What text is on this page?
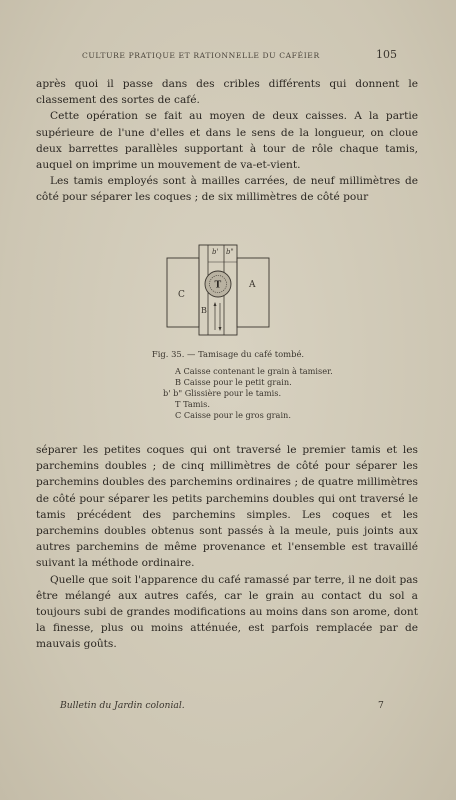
CULTURE PRATIQUE ET RATIONNELLE DU CAFÉIER	105

après quoi il passe dans des cribles différents qui donnent le classement des sortes de café.

Cette opération se fait au moyen de deux caisses. A la partie supérieure de l'une d'elles et dans le sens de la longueur, on cloue deux barrettes parallèles supportant à tour de rôle chaque tamis, auquel on imprime un mouvement de va-et-vient.

Les tamis employés sont à mailles carrées, de neuf millimètres de côté pour séparer les coques ; de six millimètres de côté pour

b' b"
T
C
A
B
Fig. 35. — Tamisage du café tombé.
A Caisse contenant le grain à tamiser.
B Caisse pour le petit grain.
b' b" Glissière pour le tamis.
T Tamis.
C Caisse pour le gros grain.

séparer les petites coques qui ont traversé le premier tamis et les parchemins doubles ; de cinq millimètres de côté pour séparer les parchemins doubles des parchemins ordinaires ; de quatre millimètres de côté pour séparer les petits parchemins doubles qui ont traversé le tamis précédent des parchemins simples. Les coques et les parchemins doubles obtenus sont passés à la meule, puis joints aux autres parchemins de même provenance et l'ensemble est travaillé suivant la méthode ordinaire.

Quelle que soit l'apparence du café ramassé par terre, il ne doit pas être mélangé aux autres cafés, car le grain au contact du sol a toujours subi de grandes modifications au moins dans son arome, dont la finesse, plus ou moins atténuée, est parfois remplacée par de mauvais goûts.

Bulletin du Jardin colonial.	7
